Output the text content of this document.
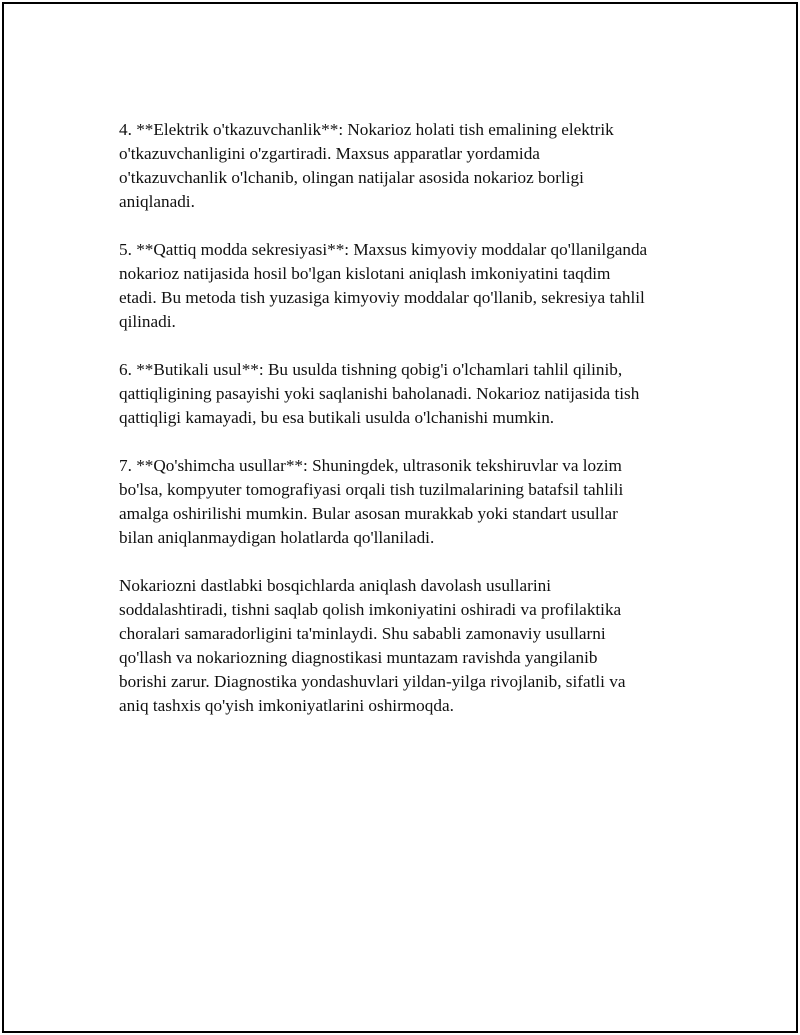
4. **Elektrik o'tkazuvchanlik**: Nokarioz holati tish emalining elektrik
o'tkazuvchanligini o'zgartiradi. Maxsus apparatlar yordamida
o'tkazuvchanlik o'lchanib, olingan natijalar asosida nokarioz borligi
aniqlanadi.

5. **Qattiq modda sekresiyasi**: Maxsus kimyoviy moddalar qo'llanilganda
nokarioz natijasida hosil bo'lgan kislotani aniqlash imkoniyatini taqdim
etadi. Bu metoda tish yuzasiga kimyoviy moddalar qo'llanib, sekresiya tahlil
qilinadi.

6. **Butikali usul**: Bu usulda tishning qobig'i o'lchamlari tahlil qilinib,
qattiqligining pasayishi yoki saqlanishi baholanadi. Nokarioz natijasida tish
qattiqligi kamayadi, bu esa butikali usulda o'lchanishi mumkin.

7. **Qo'shimcha usullar**: Shuningdek, ultrasonik tekshiruvlar va lozim
bo'lsa, kompyuter tomografiyasi orqali tish tuzilmalarining batafsil tahlili
amalga oshirilishi mumkin. Bular asosan murakkab yoki standart usullar
bilan aniqlanmaydigan holatlarda qo'llaniladi.

Nokariozni dastlabki bosqichlarda aniqlash davolash usullarini
soddalashtiradi, tishni saqlab qolish imkoniyatini oshiradi va profilaktika
choralari samaradorligini ta'minlaydi. Shu sababli zamonaviy usullarni
qo'llash va nokariozning diagnostikasi muntazam ravishda yangilanib
borishi zarur. Diagnostika yondashuvlari yildan-yilga rivojlanib, sifatli va
aniq tashxis qo'yish imkoniyatlarini oshirmoqda.
